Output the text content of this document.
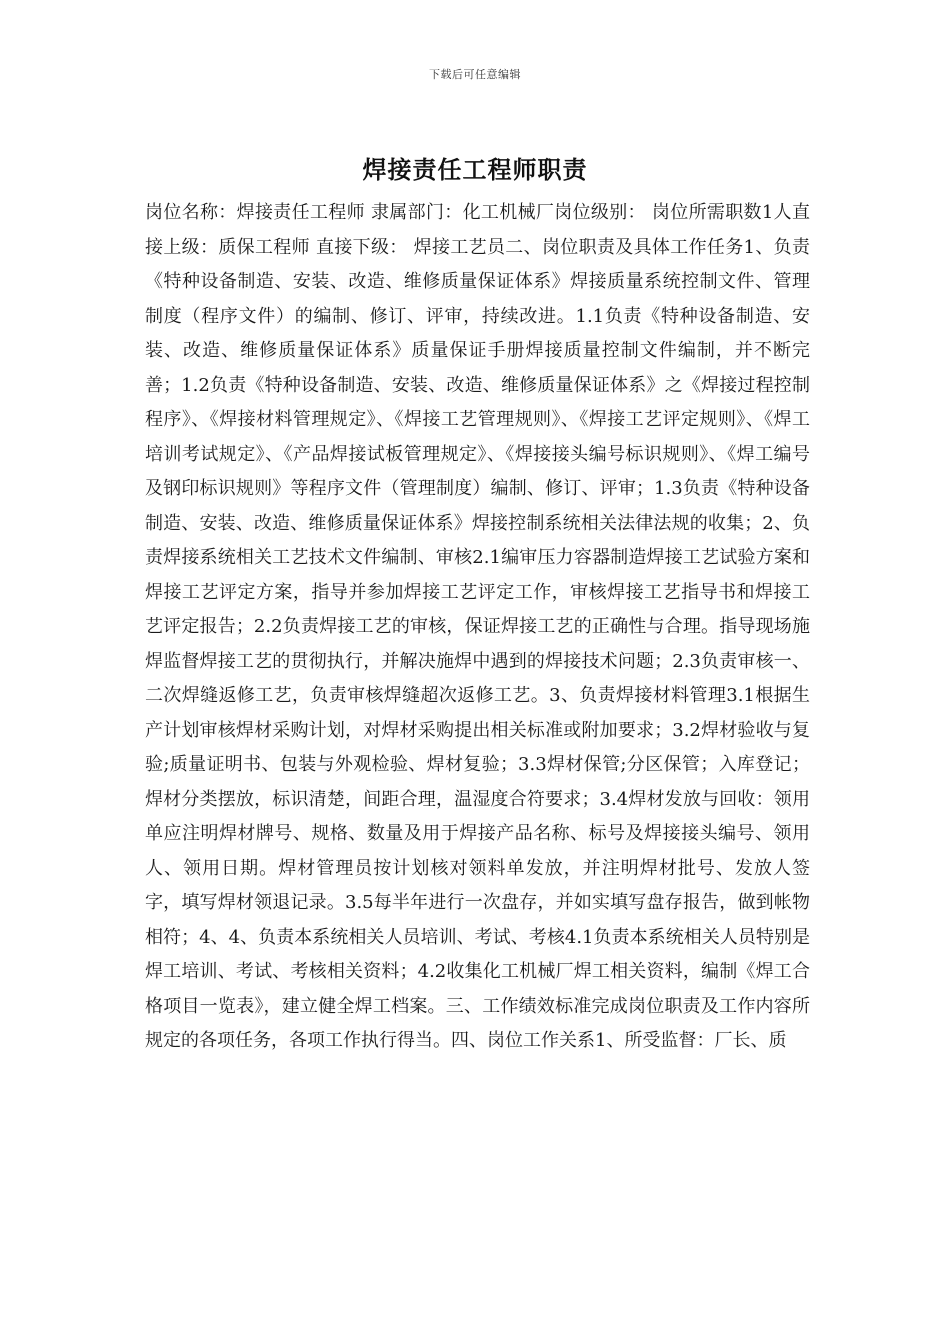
下载后可任意编辑
焊接责任工程师职责

岗位名称：焊接责任工程师 隶属部门：化工机械厂岗位级别： 岗位所需职数1人直接上级：质保工程师 直接下级： 焊接工艺员二、岗位职责及具体工作任务1、负责《特种设备制造、安装、改造、维修质量保证体系》焊接质量系统控制文件、管理制度（程序文件）的编制、修订、评审，持续改进。1.1负责《特种设备制造、安装、改造、维修质量保证体系》质量保证手册焊接质量控制文件编制，并不断完善；1.2负责《特种设备制造、安装、改造、维修质量保证体系》之《焊接过程控制程序》、《焊接材料管理规定》、《焊接工艺管理规则》、《焊接工艺评定规则》、《焊工培训考试规定》、《产品焊接试板管理规定》、《焊接接头编号标识规则》、《焊工编号及钢印标识规则》等程序文件（管理制度）编制、修订、评审；1.3负责《特种设备制造、安装、改造、维修质量保证体系》焊接控制系统相关法律法规的收集；2、负责焊接系统相关工艺技术文件编制、审核2.1编审压力容器制造焊接工艺试验方案和焊接工艺评定方案，指导并参加焊接工艺评定工作，审核焊接工艺指导书和焊接工艺评定报告；2.2负责焊接工艺的审核，保证焊接工艺的正确性与合理。指导现场施焊监督焊接工艺的贯彻执行，并解决施焊中遇到的焊接技术问题；2.3负责审核一、二次焊缝返修工艺，负责审核焊缝超次返修工艺。3、负责焊接材料管理3.1根据生产计划审核焊材采购计划，对焊材采购提出相关标准或附加要求；3.2焊材验收与复验;质量证明书、包装与外观检验、焊材复验；3.3焊材保管;分区保管；入库登记；焊材分类摆放，标识清楚，间距合理，温湿度合符要求；3.4焊材发放与回收：领用单应注明焊材牌号、规格、数量及用于焊接产品名称、标号及焊接接头编号、领用人、领用日期。焊材管理员按计划核对领料单发放，并注明焊材批号、发放人签字，填写焊材领退记录。3.5每半年进行一次盘存，并如实填写盘存报告，做到帐物相符；4、4、负责本系统相关人员培训、考试、考核4.1负责本系统相关人员特别是焊工培训、考试、考核相关资料；4.2收集化工机械厂焊工相关资料，编制《焊工合格项目一览表》，建立健全焊工档案。三、工作绩效标准完成岗位职责及工作内容所规定的各项任务，各项工作执行得当。四、岗位工作关系1、所受监督：厂长、质
